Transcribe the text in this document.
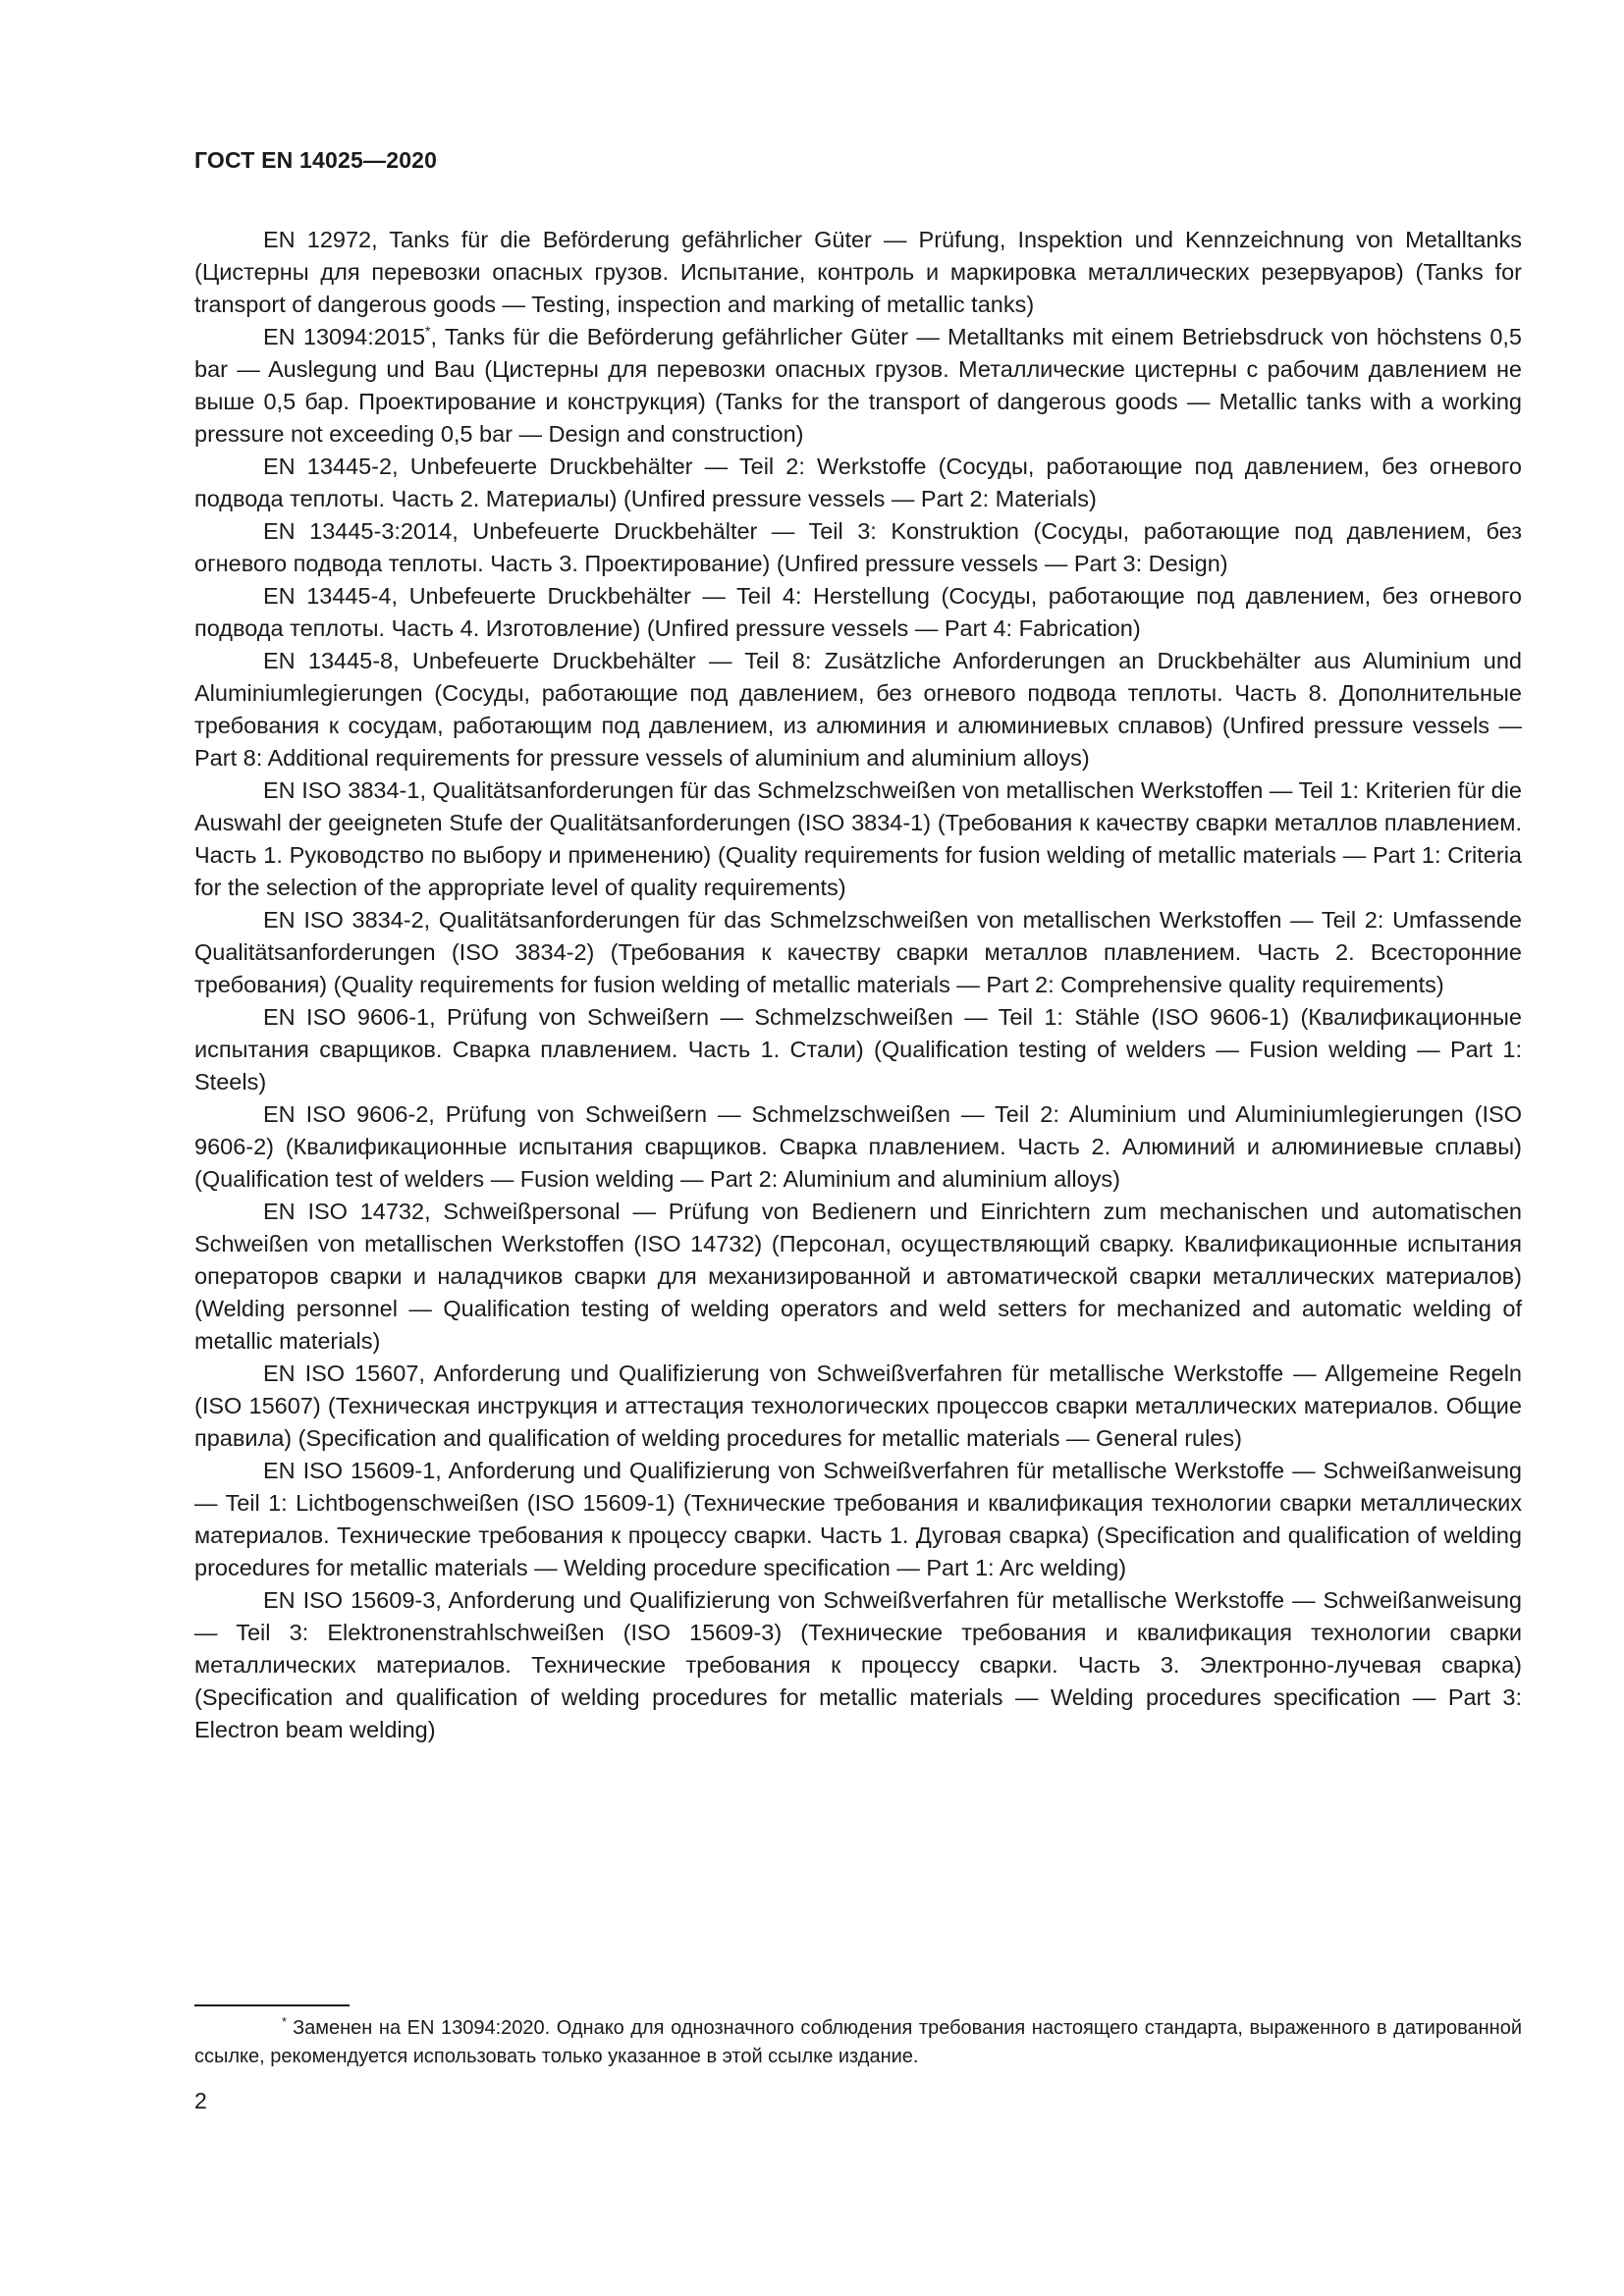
ГОСТ EN 14025—2020

EN 12972, Tanks für die Beförderung gefährlicher Güter — Prüfung, Inspektion und Kennzeichnung von Metalltanks (Цистерны для перевозки опасных грузов. Испытание, контроль и маркировка металлических резервуаров) (Tanks for transport of dangerous goods — Testing, inspection and marking of metallic tanks)

EN 13094:2015*, Tanks für die Beförderung gefährlicher Güter — Metalltanks mit einem Betriebsdruck von höchstens 0,5 bar — Auslegung und Bau (Цистерны для перевозки опасных грузов. Металлические цистерны с рабочим давлением не выше 0,5 бар. Проектирование и конструкция) (Tanks for the transport of dangerous goods — Metallic tanks with a working pressure not exceeding 0,5 bar — Design and construction)

EN 13445-2, Unbefeuerte Druckbehälter — Teil 2: Werkstoffe (Сосуды, работающие под давлением, без огневого подвода теплоты. Часть 2. Материалы) (Unfired pressure vessels — Part 2: Materials)

EN 13445-3:2014, Unbefeuerte Druckbehälter — Teil 3: Konstruktion (Сосуды, работающие под давлением, без огневого подвода теплоты. Часть 3. Проектирование) (Unfired pressure vessels — Part 3: Design)

EN 13445-4, Unbefeuerte Druckbehälter — Teil 4: Herstellung (Сосуды, работающие под давлением, без огневого подвода теплоты. Часть 4. Изготовление) (Unfired pressure vessels — Part 4: Fabrication)

EN 13445-8, Unbefeuerte Druckbehälter — Teil 8: Zusätzliche Anforderungen an Druckbehälter aus Aluminium und Aluminiumlegierungen (Сосуды, работающие под давлением, без огневого подвода теплоты. Часть 8. Дополнительные требования к сосудам, работающим под давлением, из алюминия и алюминиевых сплавов) (Unfired pressure vessels — Part 8: Additional requirements for pressure vessels of aluminium and aluminium alloys)

EN ISO 3834-1, Qualitätsanforderungen für das Schmelzschweißen von metallischen Werkstoffen — Teil 1: Kriterien für die Auswahl der geeigneten Stufe der Qualitätsanforderungen (ISO 3834-1) (Требования к качеству сварки металлов плавлением. Часть 1. Руководство по выбору и применению) (Quality requirements for fusion welding of metallic materials — Part 1: Criteria for the selection of the appropriate level of quality requirements)

EN ISO 3834-2, Qualitätsanforderungen für das Schmelzschweißen von metallischen Werkstoffen — Teil 2: Umfassende Qualitätsanforderungen (ISO 3834-2) (Требования к качеству сварки металлов плавлением. Часть 2. Всесторонние требования) (Quality requirements for fusion welding of metallic materials — Part 2: Comprehensive quality requirements)

EN ISO 9606-1, Prüfung von Schweißern — Schmelzschweißen — Teil 1: Stähle (ISO 9606-1) (Квалификационные испытания сварщиков. Сварка плавлением. Часть 1. Стали) (Qualification testing of welders — Fusion welding — Part 1: Steels)

EN ISO 9606-2, Prüfung von Schweißern — Schmelzschweißen — Teil 2: Aluminium und Aluminiumlegierungen (ISO 9606-2) (Квалификационные испытания сварщиков. Сварка плавлением. Часть 2. Алюминий и алюминиевые сплавы) (Qualification test of welders — Fusion welding — Part 2: Aluminium and aluminium alloys)

EN ISO 14732, Schweißpersonal — Prüfung von Bedienern und Einrichtern zum mechanischen und automatischen Schweißen von metallischen Werkstoffen (ISO 14732) (Персонал, осуществляющий сварку. Квалификационные испытания операторов сварки и наладчиков сварки для механизированной и автоматической сварки металлических материалов) (Welding personnel — Qualification testing of welding operators and weld setters for mechanized and automatic welding of metallic materials)

EN ISO 15607, Anforderung und Qualifizierung von Schweißverfahren für metallische Werkstoffe — Allgemeine Regeln (ISO 15607) (Техническая инструкция и аттестация технологических процессов сварки металлических материалов. Общие правила) (Specification and qualification of welding procedures for metallic materials — General rules)

EN ISO 15609-1, Anforderung und Qualifizierung von Schweißverfahren für metallische Werkstoffe — Schweißanweisung — Teil 1: Lichtbogenschweißen (ISO 15609-1) (Технические требования и квалификация технологии сварки металлических материалов. Технические требования к процессу сварки. Часть 1. Дуговая сварка) (Specification and qualification of welding procedures for metallic materials — Welding procedure specification — Part 1: Arc welding)

EN ISO 15609-3, Anforderung und Qualifizierung von Schweißverfahren für metallische Werkstoffe — Schweißanweisung — Teil 3: Elektronenstrahlschweißen (ISO 15609-3) (Технические требования и квалификация технологии сварки металлических материалов. Технические требования к процессу сварки. Часть 3. Электронно-лучевая сварка) (Specification and qualification of welding procedures for metallic materials — Welding procedures specification — Part 3: Electron beam welding)

* Заменен на EN 13094:2020. Однако для однозначного соблюдения требования настоящего стандарта, выраженного в датированной ссылке, рекомендуется использовать только указанное в этой ссылке издание.

2
